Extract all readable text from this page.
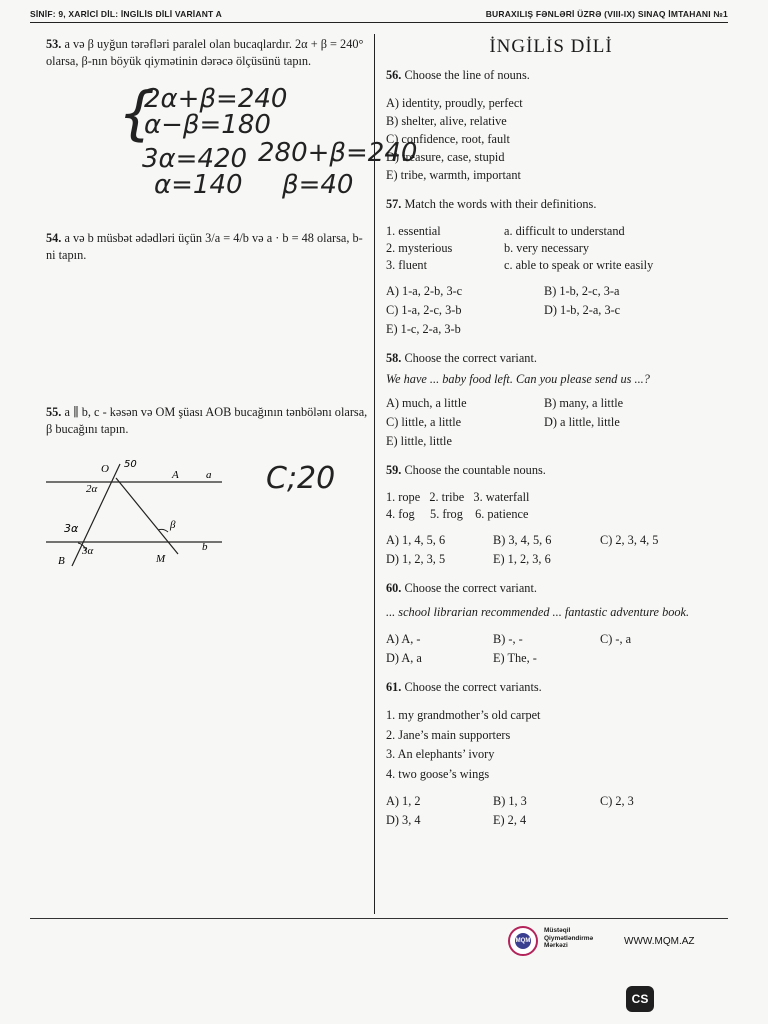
SİNİF: 9, XARİCİ DİL: İNGİLİS DİLİ VARİANT A	BURAXILIŞ FƏNLƏRİ ÜZRƏ (VIII-IX) SINAQ İMTAHANI №1
53. a və β uyğun tərəfləri paralel olan bucaqlardır. 2α + β = 240° olarsa, β-nın böyük qiymətinin dərəcə ölçüsünü tapın.
{
2α+β=240
α−β=180
3α=420 280+β=240
α=140 β=40
54. a və b müsbət ədədləri üçün 3/a = 4/b və a · b = 48 olarsa, b-ni tapın.
55. a ∥ b, c - kəsən və OM şüası AOB bucağının tənbölənı olarsa, β bucağını tapın.
O 50
A a
2α
3α	β
3α	b
B	M
C;20
İNGİLİS DİLİ
56. Choose the line of nouns.
A) identity, proudly, perfect
B) shelter, alive, relative
C) confidence, root, fault
D) treasure, case, stupid
E) tribe, warmth, important
57. Match the words with their definitions.
1. essential	a. difficult to understand
2. mysterious	b. very necessary
3. fluent	c. able to speak or write easily
A) 1-a, 2-b, 3-c	B) 1-b, 2-c, 3-a
C) 1-a, 2-c, 3-b	D) 1-b, 2-a, 3-c
E) 1-c, 2-a, 3-b
58. Choose the correct variant.
We have ... baby food left. Can you please send us ...?
A) much, a little	B) many, a little
C) little, a little	D) a little, little
E) little, little
59. Choose the countable nouns.
1. rope   2. tribe   3. waterfall
4. fog     5. frog    6. patience
A) 1, 4, 5, 6	B) 3, 4, 5, 6	C) 2, 3, 4, 5
D) 1, 2, 3, 5	E) 1, 2, 3, 6
60. Choose the correct variant.
... school librarian recommended ... fantastic adventure book.
A) A, -	B) -, -	C) -, a
D) A, a	E) The, -
61. Choose the correct variants.
1. my grandmother’s old carpet
2. Jane’s main supporters
3. An elephants’ ivory
4. two goose’s wings
A) 1, 2	B) 1, 3	C) 2, 3
D) 3, 4	E) 2, 4
MQM
Müstəqil
Qiymətləndirmə
Mərkəzi	WWW.MQM.AZ
CS
